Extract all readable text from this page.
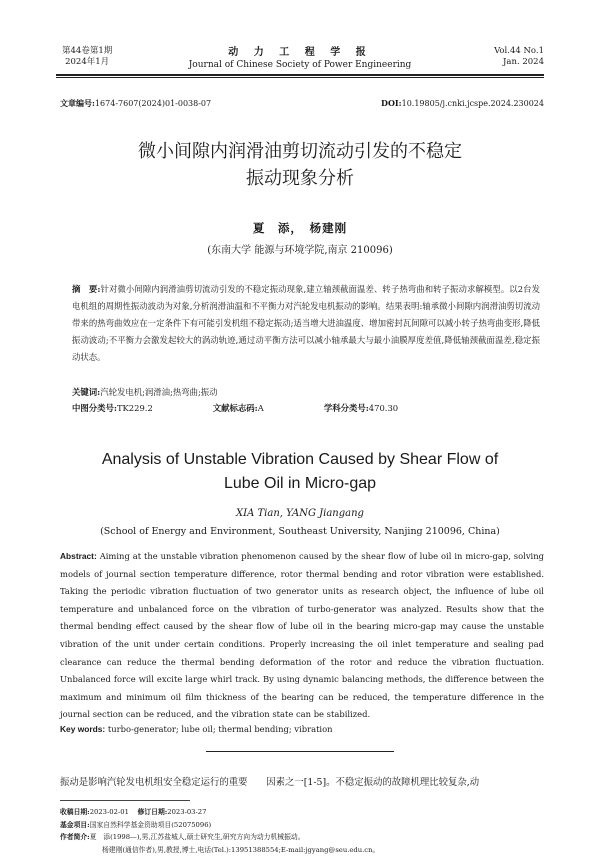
第44卷第1期
2024年1月
动 力 工 程 学 报
Journal of Chinese Society of Power Engineering
Vol.44 No.1
Jan. 2024
文章编号:1674-7607(2024)01-0038-07	DOI:10.19805/j.cnki.jcspe.2024.230024
微小间隙内润滑油剪切流动引发的不稳定
振动现象分析
夏　添，　杨建刚
(东南大学 能源与环境学院,南京 210096)
摘　要:针对微小间隙内润滑油剪切流动引发的不稳定振动现象,建立轴颈截面温差、转子热弯曲和转子振动求解模型。以2台发电机组的周期性振动波动为对象,分析润滑油温和不平衡力对汽轮发电机振动的影响。结果表明:轴承微小间隙内润滑油剪切流动带来的热弯曲效应在一定条件下有可能引发机组不稳定振动;适当增大进油温度、增加密封瓦间隙可以减小转子热弯曲变形,降低振动波动;不平衡力会激发起较大的涡动轨迹,通过动平衡方法可以减小轴承最大与最小油膜厚度差值,降低轴颈截面温差,稳定振动状态。
关键词:汽轮发电机;润滑油;热弯曲;振动
中图分类号:TK229.2	文献标志码:A	学科分类号:470.30
Analysis of Unstable Vibration Caused by Shear Flow of
Lube Oil in Micro-gap
XIA Tian, YANG Jiangang
(School of Energy and Environment, Southeast University, Nanjing 210096, China)
Abstract: Aiming at the unstable vibration phenomenon caused by the shear flow of lube oil in micro-gap, solving models of journal section temperature difference, rotor thermal bending and rotor vibration were established. Taking the periodic vibration fluctuation of two generator units as research object, the influence of lube oil temperature and unbalanced force on the vibration of turbo-generator was analyzed. Results show that the thermal bending effect caused by the shear flow of lube oil in the bearing micro-gap may cause the unstable vibration of the unit under certain conditions. Properly increasing the oil inlet temperature and sealing pad clearance can reduce the thermal bending deformation of the rotor and reduce the vibration fluctuation. Unbalanced force will excite large whirl track. By using dynamic balancing methods, the difference between the maximum and minimum oil film thickness of the bearing can be reduced, the temperature difference in the journal section can be reduced, and the vibration state can be stabilized.
Key words: turbo-generator; lube oil; thermal bending; vibration
振动是影响汽轮发电机组安全稳定运行的重要　　因素之一[1-5]。不稳定振动的故障机理比较复杂,动
收稿日期:2023-02-01 修订日期:2023-03-27
基金项目:国家自然科学基金资助项目(52075096)
作者简介:夏　添(1998—),男,江苏盐城人,硕士研究生,研究方向为动力机械振动。
杨建刚(通信作者),男,教授,博士,电话(Tel.):13951388554;E-mail:jgyang@seu.edu.cn。
